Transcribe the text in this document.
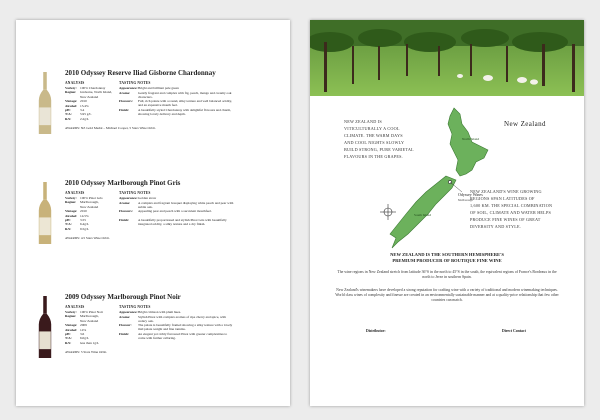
2010 Odyssey Reserve Iliad Gisborne Chardonnay
ANALYSIS	TASTING NOTES
Variety: 100% Chardonnay
Region: Gisborne, North Island,
New Zealand
Vintage: 2010
Alcohol: 13.4%
pH:	3.4
T/A: 5.95 g/L
R/S:	2.2g/L
Appearance: Bright and brilliant pale green
Aroma: Gently fragrant and complex with fig, peach, mango and creamy oak characters.
Flavours: Full, rich palate with a round, silky texture and well balanced acidity, and an expansive mouth feel.
Finish:	A beautifully styled Chardonnay with delightful flavours and charm, showing lovely delivery and depth.
AWARDS: NZ Gold Medal – Michael Cooper, 5 Stars Wine Orbit.
2010 Odyssey Marlborough Pinot Gris
ANALYSIS	TASTING NOTES
Variety: 100% Pinot Gris
Region: Marlborough,
New Zealand
Vintage: 2010
Alcohol: 14.5%
pH:	3.55
T/A: 6.4g/L
R/S:	9.5g/L
Appearance: Golden straw
Aroma: A complex and fragrant bouquet displaying white peach and pear with subtle oak.
Flavours: Appealing pear and peach with a succulent mouthfeel.
Finish:	A beautifully proportioned and stylish Pinot Gris with beautifully integrated acidity, a silky texture and a dry finish.
AWARDS: 4.5 Stars Wine Orbit.
2009 Odyssey Marlborough Pinot Noir
ANALYSIS	TASTING NOTES
Variety: 100% Pinot Noir
Region: Marlborough,
New Zealand
Vintage: 2009
Alcohol: 14%
pH:	3.6
T/A: 6.0g/L
R/S:	less than 1g/L
Appearance: Bright crimson with plum hues.
Aroma: Stylish Pinot with complex aromas of ripe cherry and spice, with cedary oak.
Flavour: The palate is beautifully framed showing a silky texture with a lovely mid palate weight and fine tannins.
Finish:	An elegant yet richly flavoured Pinot with greater complexities to come with further cellaring.
AWARDS: 5 Stars Wine Orbit.
NEW ZEALAND IS
VITICULTURALLY A COOL
CLIMATE. THE WARM DAYS
AND COOL NIGHTS SLOWLY
BUILD STRONG, PURE VARIETAL
FLAVOURS IN THE GRAPES.
North Island
South Island
Odyssey Wines
Marlborough
New Zealand
NEW ZEALAND'S WINE GROWING
REGIONS SPAN LATITUDES OF
1,600 KM. THE SPECIAL COMBINATION
OF SOIL, CLIMATE AND WATER HELPS
PRODUCE FINE WINES OF GREAT
DIVERSITY AND STYLE.
NEW ZEALAND IS THE SOUTHERN HEMISPHERE'S
PREMIUM PRODUCER OF BOUTIQUE FINE WINE
The wine regions in New Zealand stretch from latitude 36°S in the north to 45°S in the south, the equivalent regions of France's Bordeaux in the north to Jerez in southern Spain.
New Zealand's winemakers have developed a strong reputation for crafting wine with a variety of traditional and modern winemaking techniques. World class wines of complexity and finesse are created in an environmentally sustainable manner and at a quality-price relationship that few other countries can match.
Distributor:	Direct Contact
